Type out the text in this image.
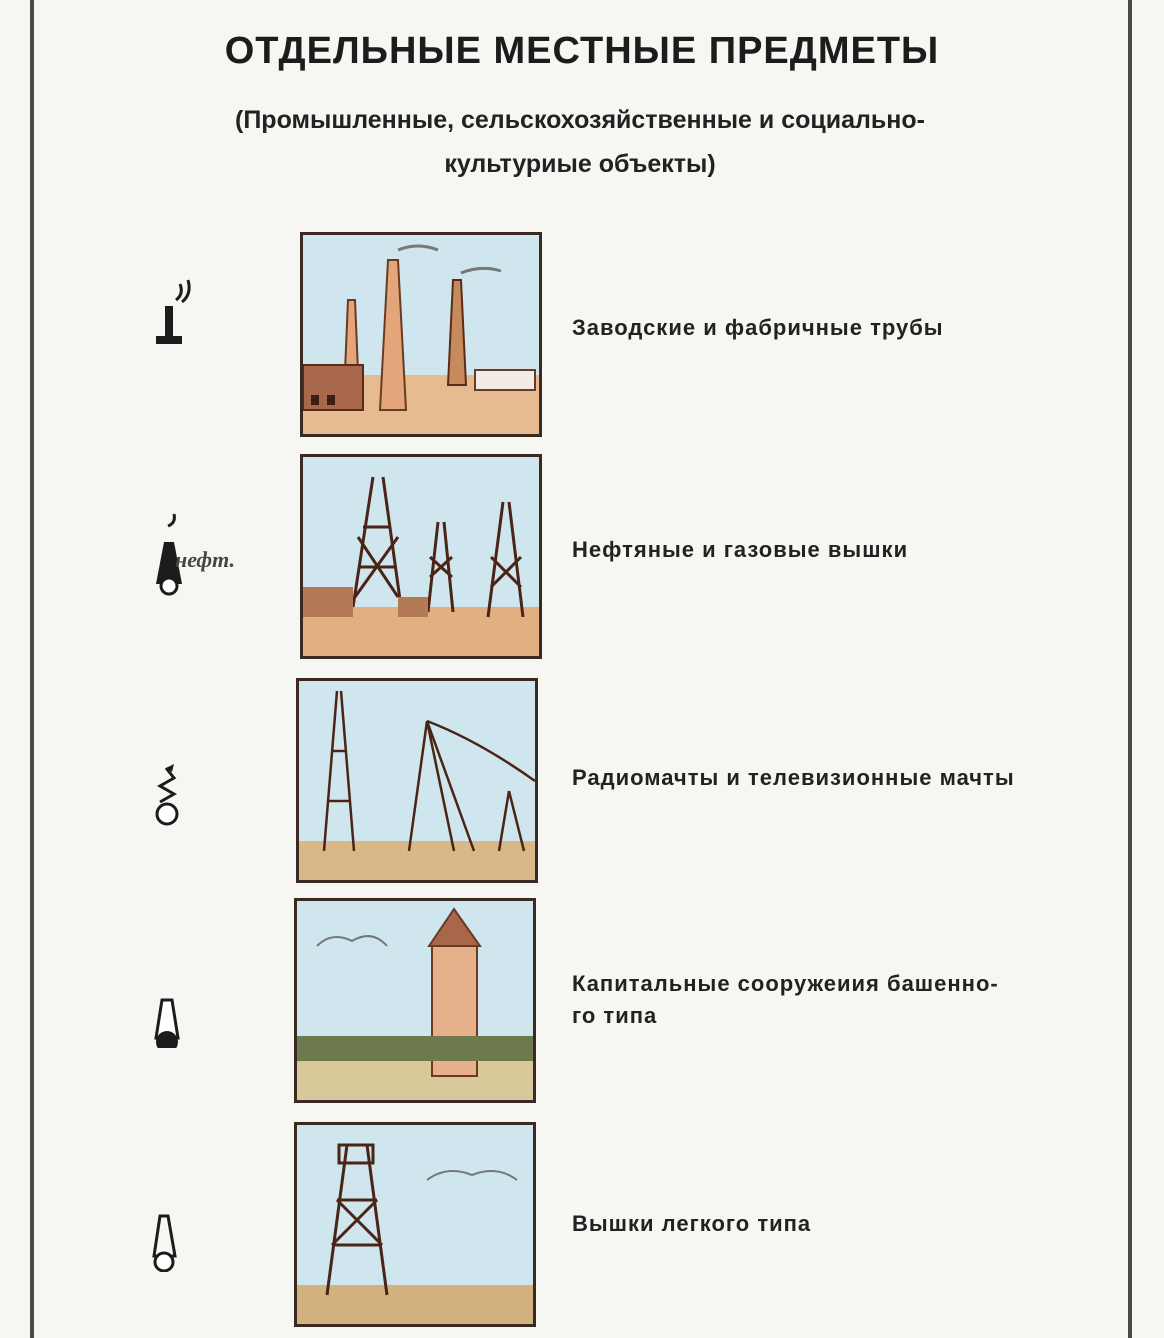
ОТДЕЛЬНЫЕ МЕСТНЫЕ ПРЕДМЕТЫ
(Промышленные, сельскохозяйственные и социально-
культуриые объекты)
Заводские и фабричные трубы
Нефтяные и газовые вышки
нефт.
Радиомачты и телевизионные мачты
Капитальные сооружеиия башенно-
го типа
Вышки легкого типа
